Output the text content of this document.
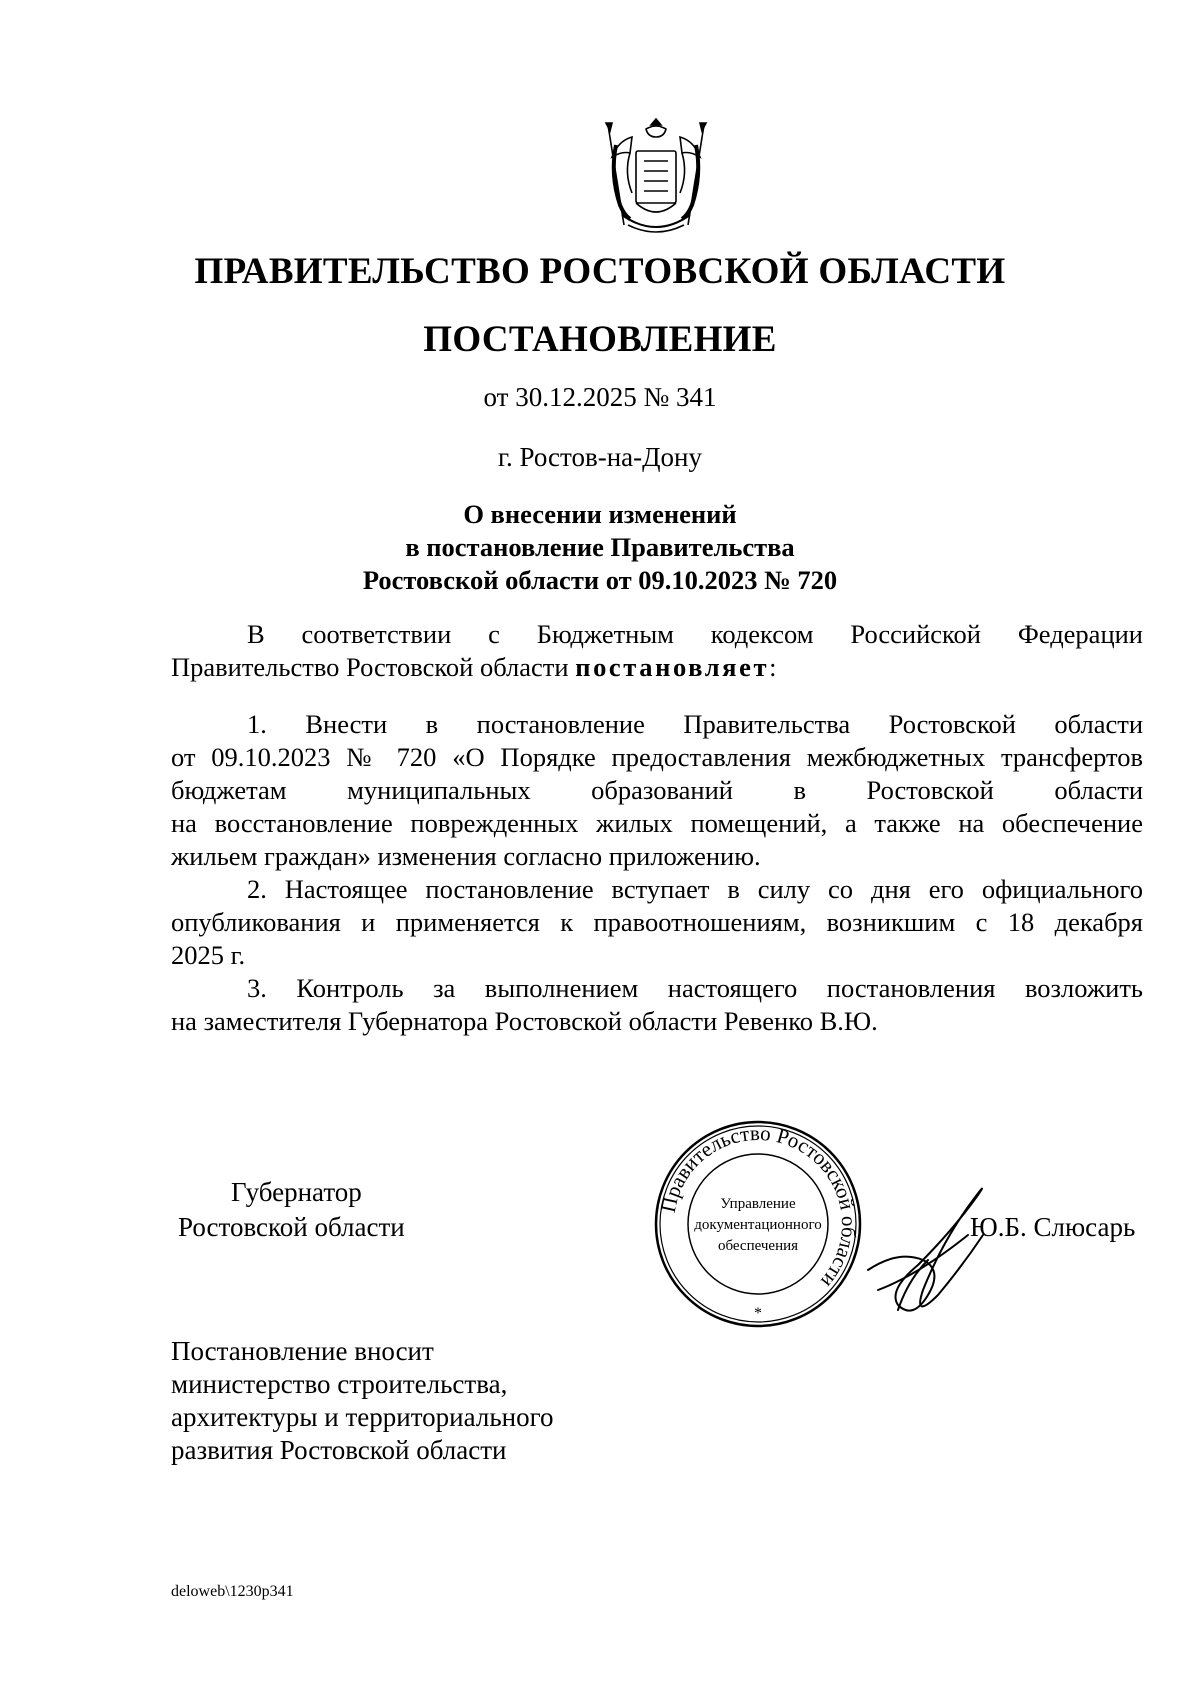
ПРАВИТЕЛЬСТВО РОСТОВСКОЙ ОБЛАСТИ
ПОСТАНОВЛЕНИЕ
от 30.12.2025 № 341
г. Ростов-на-Дону
О внесении изменений
в постановление Правительства
Ростовской области от 09.10.2023 № 720
В соответствии с Бюджетным кодексом Российской Федерации
Правительство Ростовской области постановляет:
1. Внести в постановление Правительства Ростовской области
от 09.10.2023 № 720 «О Порядке предоставления межбюджетных трансфертов
бюджетам муниципальных образований в Ростовской области
на восстановление поврежденных жилых помещений, а также на обеспечение
жильем граждан» изменения согласно приложению.
2. Настоящее постановление вступает в силу со дня его официального
опубликования и применяется к правоотношениям, возникшим с 18 декабря
2025 г.
3. Контроль за выполнением настоящего постановления возложить
на заместителя Губернатора Ростовской области Ревенко В.Ю.
Губернатор
Ростовской области	Ю.Б. Слюсарь
Правительство Ростовской области
Управление
документационного
обеспечения
*
Постановление вносит
министерство строительства,
архитектуры и территориального
развития Ростовской области
deloweb\1230p341
